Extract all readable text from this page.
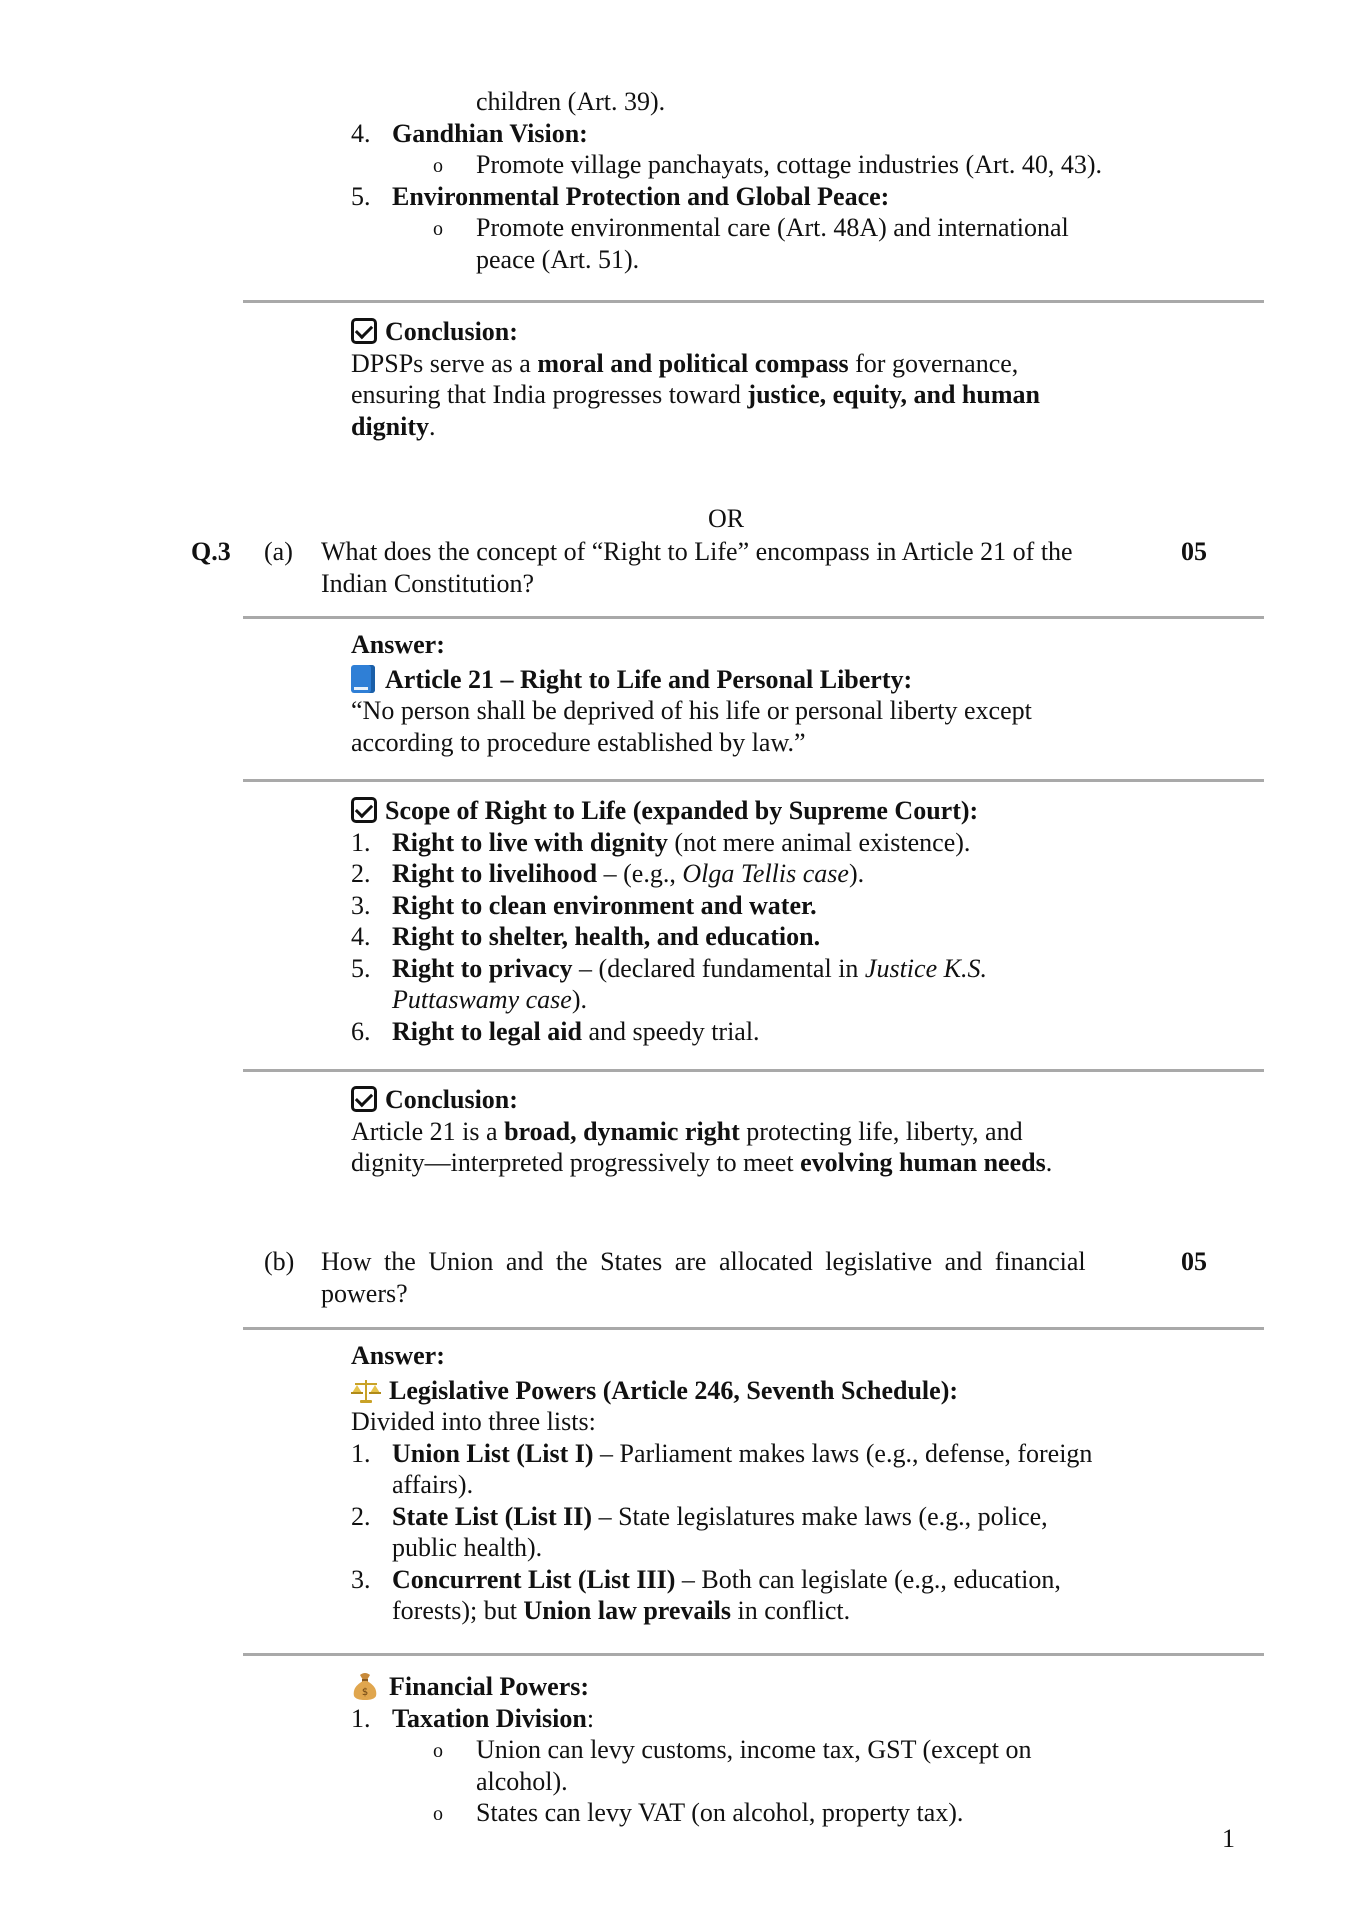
children (Art. 39).
4. Gandhian Vision:
o Promote village panchayats, cottage industries (Art. 40, 43).
5. Environmental Protection and Global Peace:
o Promote environmental care (Art. 48A) and international
peace (Art. 51).
Conclusion:
DPSPs serve as a moral and political compass for governance,
ensuring that India progresses toward justice, equity, and human
dignity.
OR
Q.3 (a) What does the concept of “Right to Life” encompass in Article 21 of the
Indian Constitution?
05
Answer:
Article 21 – Right to Life and Personal Liberty:
“No person shall be deprived of his life or personal liberty except
according to procedure established by law.”
Scope of Right to Life (expanded by Supreme Court):
1. Right to live with dignity (not mere animal existence).
2. Right to livelihood – (e.g., Olga Tellis case).
3. Right to clean environment and water.
4. Right to shelter, health, and education.
5. Right to privacy – (declared fundamental in Justice K.S.
Puttaswamy case).
6. Right to legal aid and speedy trial.
Conclusion:
Article 21 is a broad, dynamic right protecting life, liberty, and
dignity—interpreted progressively to meet evolving human needs.
(b) How the Union and the States are allocated legislative and financial
powers?
05
Answer:
Legislative Powers (Article 246, Seventh Schedule):
Divided into three lists:
1. Union List (List I) – Parliament makes laws (e.g., defense, foreign
affairs).
2. State List (List II) – State legislatures make laws (e.g., police,
public health).
3. Concurrent List (List III) – Both can legislate (e.g., education,
forests); but Union law prevails in conflict.
$ Financial Powers:
1. Taxation Division:
o Union can levy customs, income tax, GST (except on
alcohol).
o States can levy VAT (on alcohol, property tax).
1
